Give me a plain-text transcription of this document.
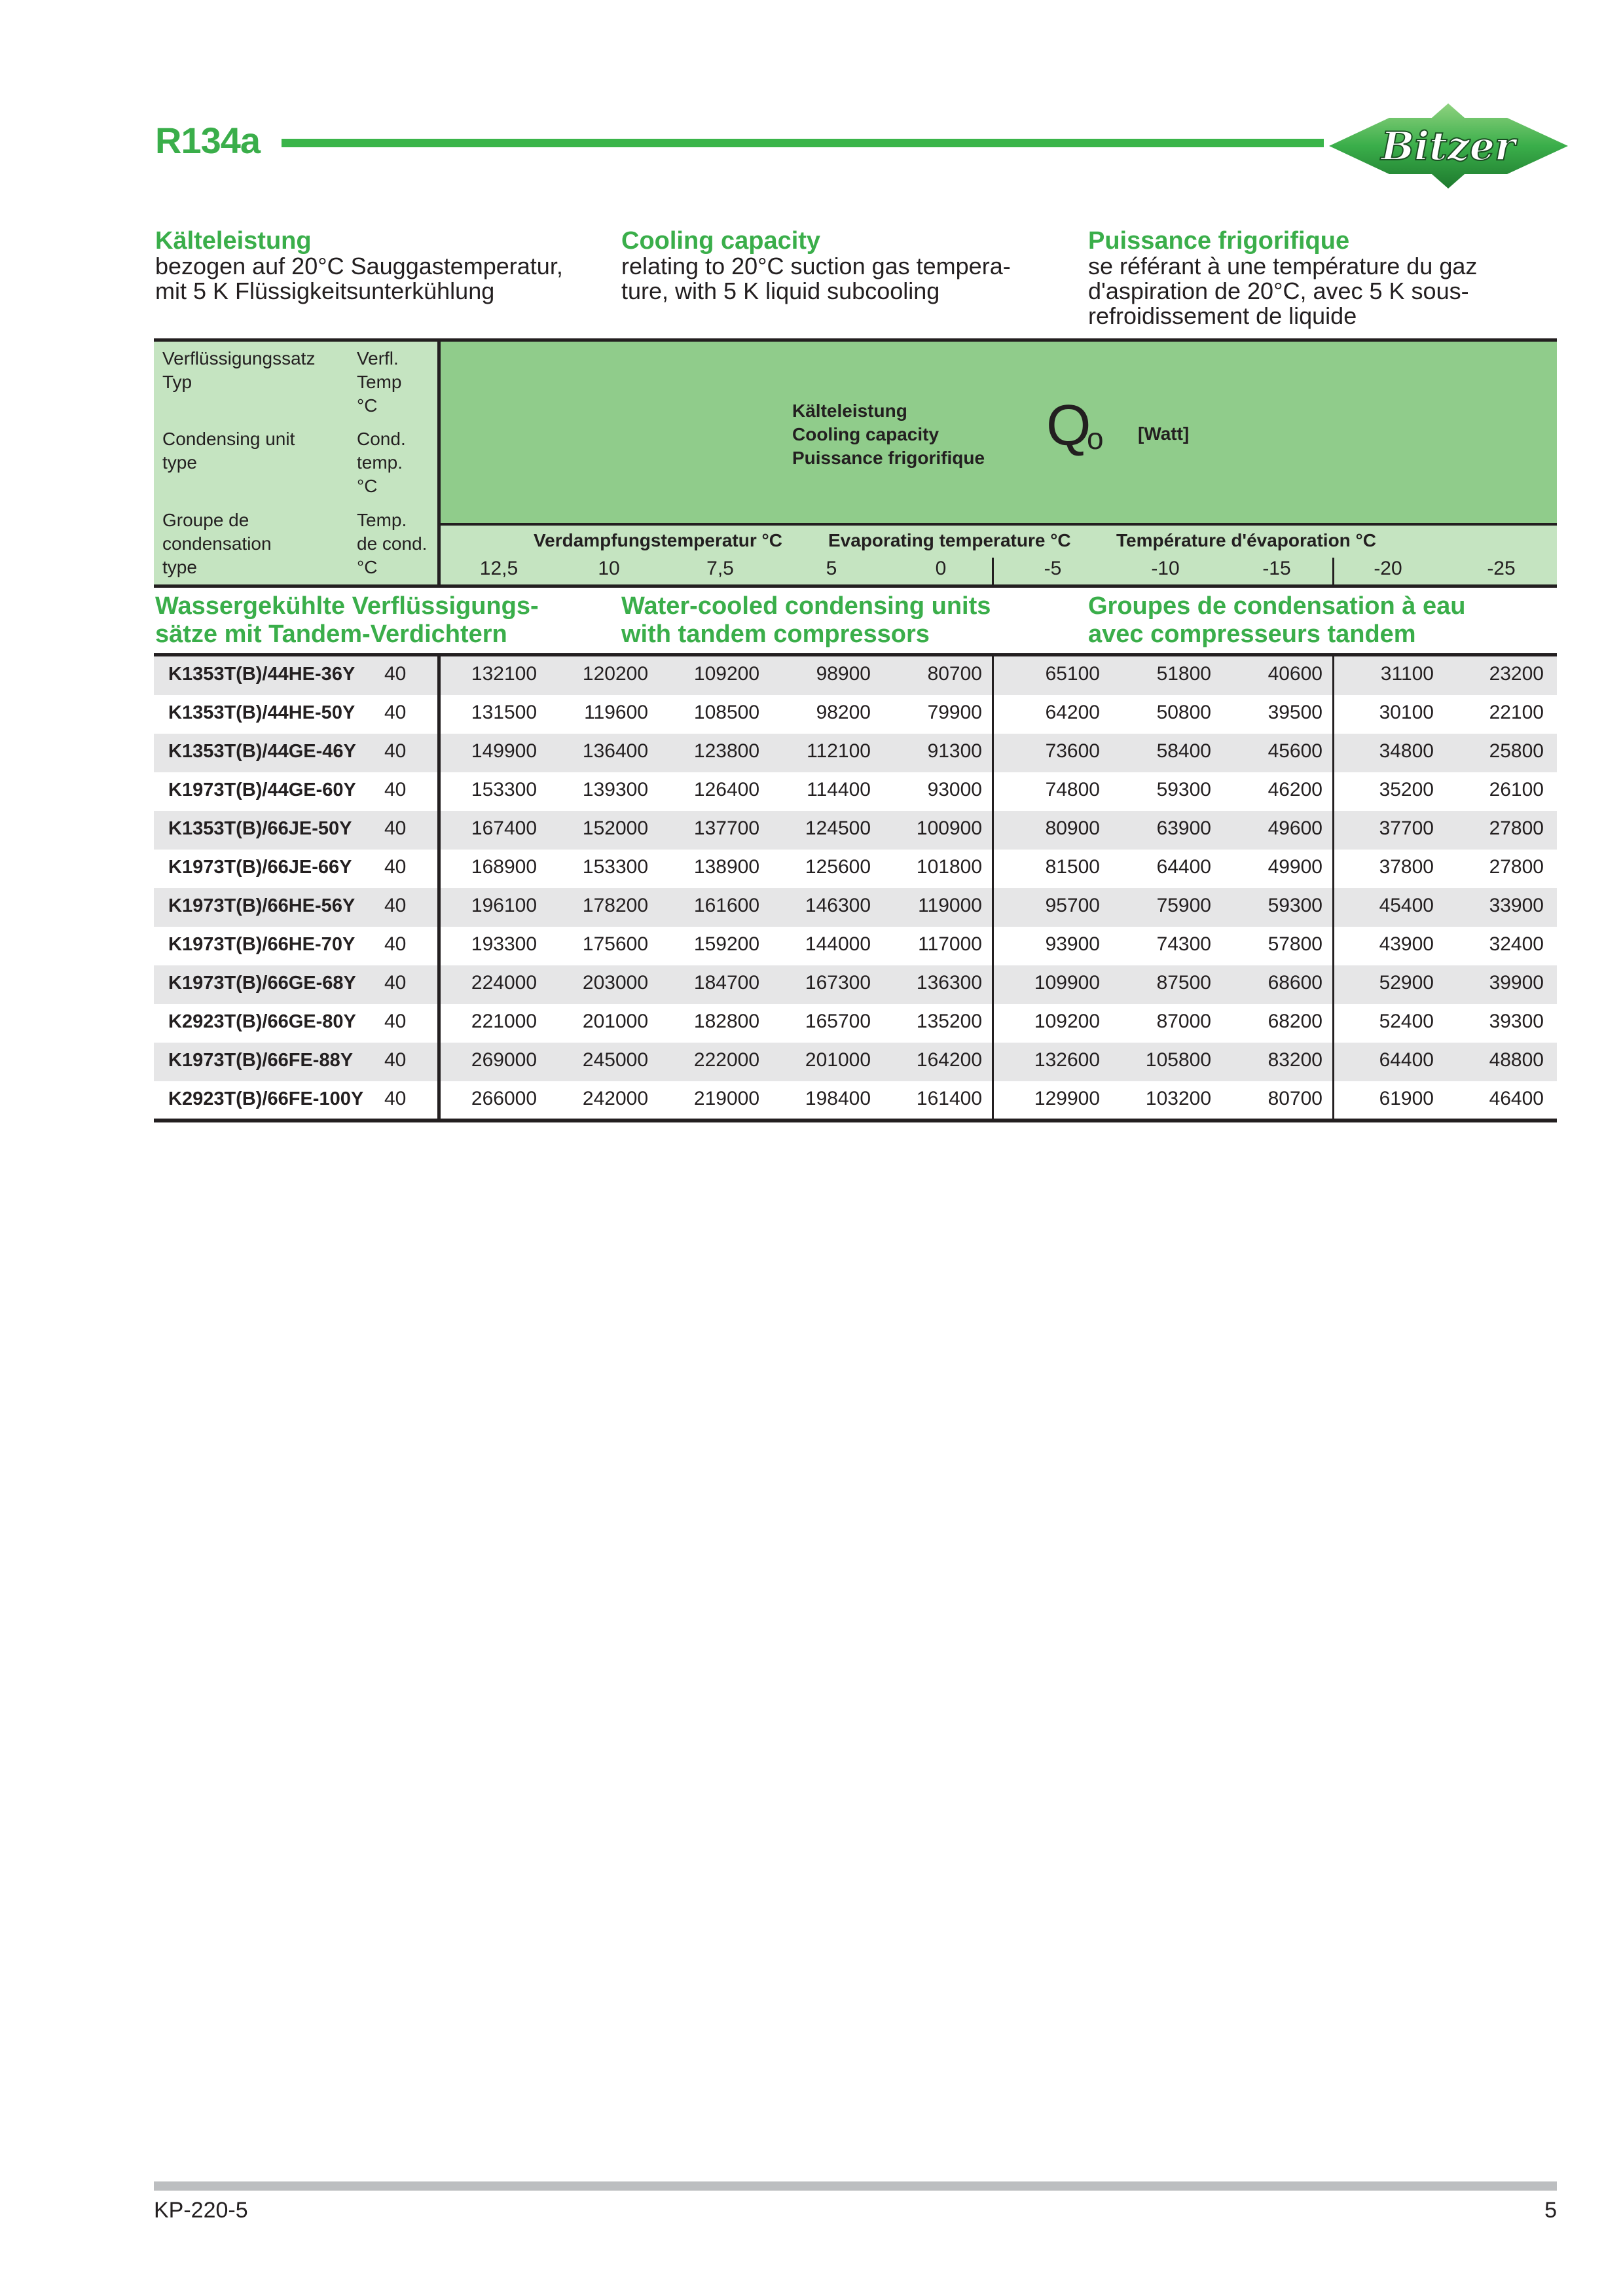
R134a	Bitzer
Kälteleistung

bezogen auf 20°C Sauggastemperatur,
mit 5 K Flüssigkeitsunterkühlung

Cooling capacity

relating to 20°C suction gas tempera-
ture, with 5 K liquid subcooling

Puissance frigorifique

se référant à une température du gaz
d'aspiration de 20°C, avec 5 K sous-
refroidissement de liquide

Verflüssigungssatz
Typ
Verfl.
Temp
°C
Condensing unit
type
Cond.
temp.
°C
Groupe de
condensation
type
Temp.
de cond.
°C
Kälteleistung
Cooling capacity
Puissance frigorifique
Q
o [Watt]
Verdampfungstemperatur °C	Evaporating temperature °C Température d'évaporation °C
12,5	10	7,5	5	0	-5	-10	-15	-20	-25
Wassergekühlte Verflüssigungs-
sätze mit Tandem-Verdichtern
Water-cooled condensing units
with tandem compressors
Groupes de condensation à eau
avec compresseurs tandem
K1353T(B)/44HE-36Y 40	132100	120200	109200	98900	80700	65100	51800	40600	31100	23200
K1353T(B)/44HE-50Y 40	131500	119600	108500	98200	79900	64200	50800	39500	30100	22100
K1353T(B)/44GE-46Y 40	149900	136400	123800	112100	91300	73600	58400	45600	34800	25800
K1973T(B)/44GE-60Y 40	153300	139300	126400	114400	93000	74800	59300	46200	35200	26100
K1353T(B)/66JE-50Y 40	167400	152000	137700	124500	100900	80900	63900	49600	37700	27800
K1973T(B)/66JE-66Y 40	168900	153300	138900	125600	101800	81500	64400	49900	37800	27800
K1973T(B)/66HE-56Y 40	196100	178200	161600	146300	119000	95700	75900	59300	45400	33900
K1973T(B)/66HE-70Y 40	193300	175600	159200	144000	117000	93900	74300	57800	43900	32400
K1973T(B)/66GE-68Y 40	224000	203000	184700	167300	136300	109900	87500	68600	52900	39900
K2923T(B)/66GE-80Y 40	221000	201000	182800	165700	135200	109200	87000	68200	52400	39300
K1973T(B)/66FE-88Y 40	269000	245000	222000	201000	164200	132600	105800	83200	64400	48800
K2923T(B)/66FE-100Y 40	266000	242000	219000	198400	161400	129900	103200	80700	61900	46400
KP-220-5	5
